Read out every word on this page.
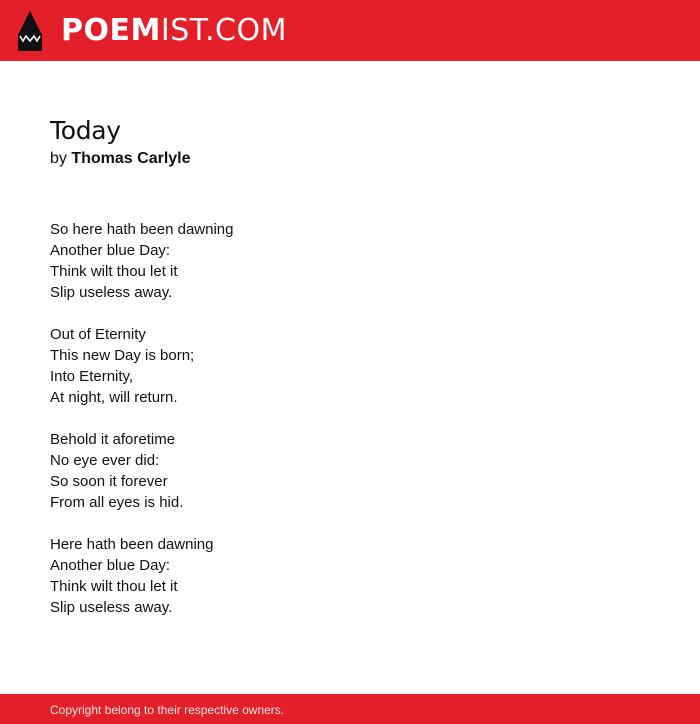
POEMIST.COM
Today
by Thomas Carlyle
So here hath been dawning
Another blue Day:
Think wilt thou let it
Slip useless away.
Out of Eternity
This new Day is born;
Into Eternity,
At night, will return.
Behold it aforetime
No eye ever did:
So soon it forever
From all eyes is hid.
Here hath been dawning
Another blue Day:
Think wilt thou let it
Slip useless away.
Copyright belong to their respective owners.
